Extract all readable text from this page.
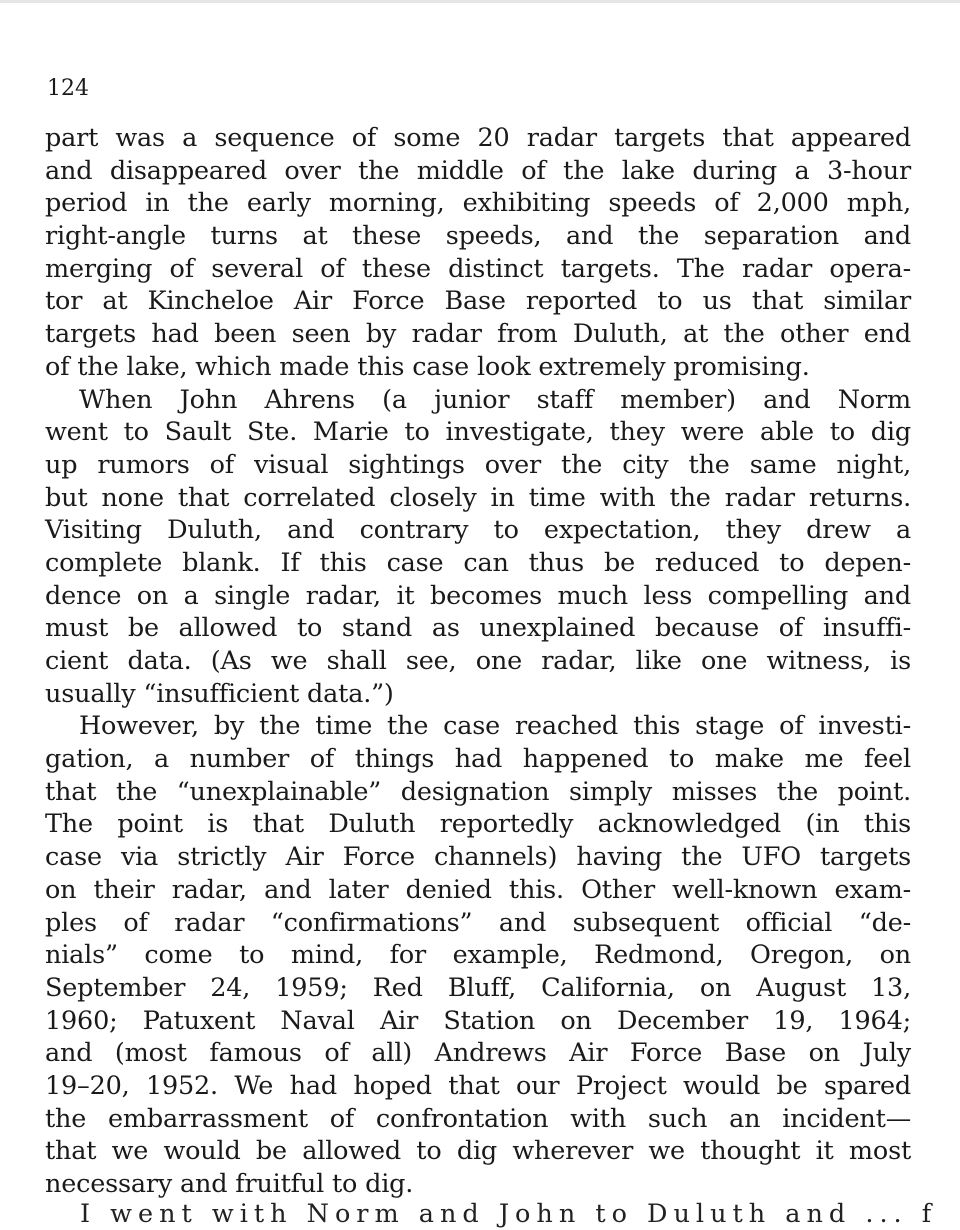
124
part was a sequence of some 20 radar targets that appeared
and disappeared over the middle of the lake during a 3-hour
period in the early morning, exhibiting speeds of 2,000 mph,
right-angle turns at these speeds, and the separation and
merging of several of these distinct targets. The radar opera-
tor at Kincheloe Air Force Base reported to us that similar
targets had been seen by radar from Duluth, at the other end
of the lake, which made this case look extremely promising.
When John Ahrens (a junior staff member) and Norm
went to Sault Ste. Marie to investigate, they were able to dig
up rumors of visual sightings over the city the same night,
but none that correlated closely in time with the radar returns.
Visiting Duluth, and contrary to expectation, they drew a
complete blank. If this case can thus be reduced to depen-
dence on a single radar, it becomes much less compelling and
must be allowed to stand as unexplained because of insuffi-
cient data. (As we shall see, one radar, like one witness, is
usually “insufficient data.”)
However, by the time the case reached this stage of investi-
gation, a number of things had happened to make me feel
that the “unexplainable” designation simply misses the point.
The point is that Duluth reportedly acknowledged (in this
case via strictly Air Force channels) having the UFO targets
on their radar, and later denied this. Other well-known exam-
ples of radar “confirmations” and subsequent official “de-
nials” come to mind, for example, Redmond, Oregon, on
September 24, 1959; Red Bluff, California, on August 13,
1960; Patuxent Naval Air Station on December 19, 1964;
and (most famous of all) Andrews Air Force Base on July
19–20, 1952. We had hoped that our Project would be spared
the embarrassment of confrontation with such an incident—
that we would be allowed to dig wherever we thought it most
necessary and fruitful to dig.
I went with Norm and John to Duluth and ... f
